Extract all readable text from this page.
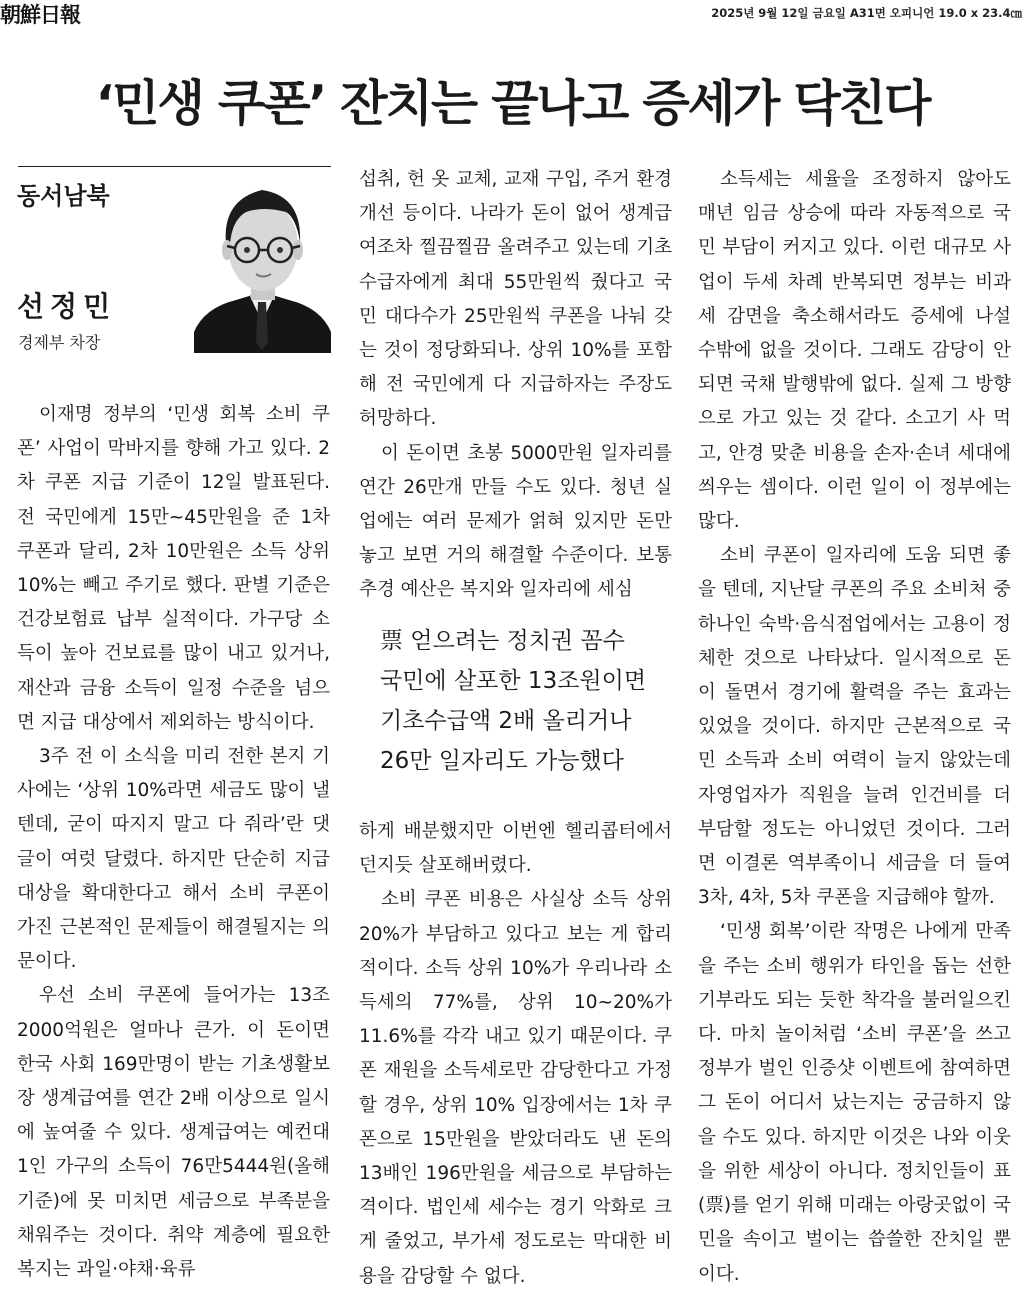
朝鮮日報	2025년 9월 12일 금요일 A31면 오피니언 19.0 x 23.4㎝
‘민생 쿠폰’ 잔치는 끝나고 증세가 닥친다
동서남북
선정민
경제부 차장

이재명 정부의 ‘민생 회복 소비 쿠폰’ 사업이 막바지를 향해 가고 있다. 2차 쿠폰 지급 기준이 12일 발표된다. 전 국민에게 15만~45만원을 준 1차 쿠폰과 달리, 2차 10만원은 소득 상위 10%는 빼고 주기로 했다. 판별 기준은 건강보험료 납부 실적이다. 가구당 소득이 높아 건보료를 많이 내고 있거나, 재산과 금융 소득이 일정 수준을 넘으면 지급 대상에서 제외하는 방식이다.

3주 전 이 소식을 미리 전한 본지 기사에는 ‘상위 10%라면 세금도 많이 낼 텐데, 굳이 따지지 말고 다 줘라’란 댓글이 여럿 달렸다. 하지만 단순히 지급 대상을 확대한다고 해서 소비 쿠폰이 가진 근본적인 문제들이 해결될지는 의문이다.

우선 소비 쿠폰에 들어가는 13조 2000억원은 얼마나 큰가. 이 돈이면 한국 사회 169만명이 받는 기초생활보장 생계급여를 연간 2배 이상으로 일시에 높여줄 수 있다. 생계급여는 예컨대 1인 가구의 소득이 76만5444원(올해 기준)에 못 미치면 세금으로 부족분을 채워주는 것이다. 취약 계층에 필요한 복지는 과일·야채·육류

섭취, 헌 옷 교체, 교재 구입, 주거 환경 개선 등이다. 나라가 돈이 없어 생계급여조차 찔끔찔끔 올려주고 있는데 기초수급자에게 최대 55만원씩 줬다고 국민 대다수가 25만원씩 쿠폰을 나눠 갖는 것이 정당화되나. 상위 10%를 포함해 전 국민에게 다 지급하자는 주장도 허망하다.

이 돈이면 초봉 5000만원 일자리를 연간 26만개 만들 수도 있다. 청년 실업에는 여러 문제가 얽혀 있지만 돈만 놓고 보면 거의 해결할 수준이다. 보통 추경 예산은 복지와 일자리에 세심

票 얻으려는 정치권 꼼수
국민에 살포한 13조원이면
기초수급액 2배 올리거나
26만 일자리도 가능했다

하게 배분했지만 이번엔 헬리콥터에서 던지듯 살포해버렸다.

소비 쿠폰 비용은 사실상 소득 상위 20%가 부담하고 있다고 보는 게 합리적이다. 소득 상위 10%가 우리나라 소득세의 77%를, 상위 10~20%가 11.6%를 각각 내고 있기 때문이다. 쿠폰 재원을 소득세로만 감당한다고 가정할 경우, 상위 10% 입장에서는 1차 쿠폰으로 15만원을 받았더라도 낸 돈의 13배인 196만원을 세금으로 부담하는 격이다. 법인세 세수는 경기 악화로 크게 줄었고, 부가세 정도로는 막대한 비용을 감당할 수 없다.

소득세는 세율을 조정하지 않아도 매년 임금 상승에 따라 자동적으로 국민 부담이 커지고 있다. 이런 대규모 사업이 두세 차례 반복되면 정부는 비과세 감면을 축소해서라도 증세에 나설 수밖에 없을 것이다. 그래도 감당이 안 되면 국채 발행밖에 없다. 실제 그 방향으로 가고 있는 것 같다. 소고기 사 먹고, 안경 맞춘 비용을 손자·손녀 세대에 씌우는 셈이다. 이런 일이 이 정부에는 많다.

소비 쿠폰이 일자리에 도움 되면 좋을 텐데, 지난달 쿠폰의 주요 소비처 중 하나인 숙박·음식점업에서는 고용이 정체한 것으로 나타났다. 일시적으로 돈이 돌면서 경기에 활력을 주는 효과는 있었을 것이다. 하지만 근본적으로 국민 소득과 소비 여력이 늘지 않았는데 자영업자가 직원을 늘려 인건비를 더 부담할 정도는 아니었던 것이다. 그러면 이결론 역부족이니 세금을 더 들여 3차, 4차, 5차 쿠폰을 지급해야 할까.

‘민생 회복’이란 작명은 나에게 만족을 주는 소비 행위가 타인을 돕는 선한 기부라도 되는 듯한 착각을 불러일으킨다. 마치 놀이처럼 ‘소비 쿠폰’을 쓰고 정부가 벌인 인증샷 이벤트에 참여하면 그 돈이 어디서 났는지는 궁금하지 않을 수도 있다. 하지만 이것은 나와 이웃을 위한 세상이 아니다. 정치인들이 표(票)를 얻기 위해 미래는 아랑곳없이 국민을 속이고 벌이는 씁쓸한 잔치일 뿐이다.
